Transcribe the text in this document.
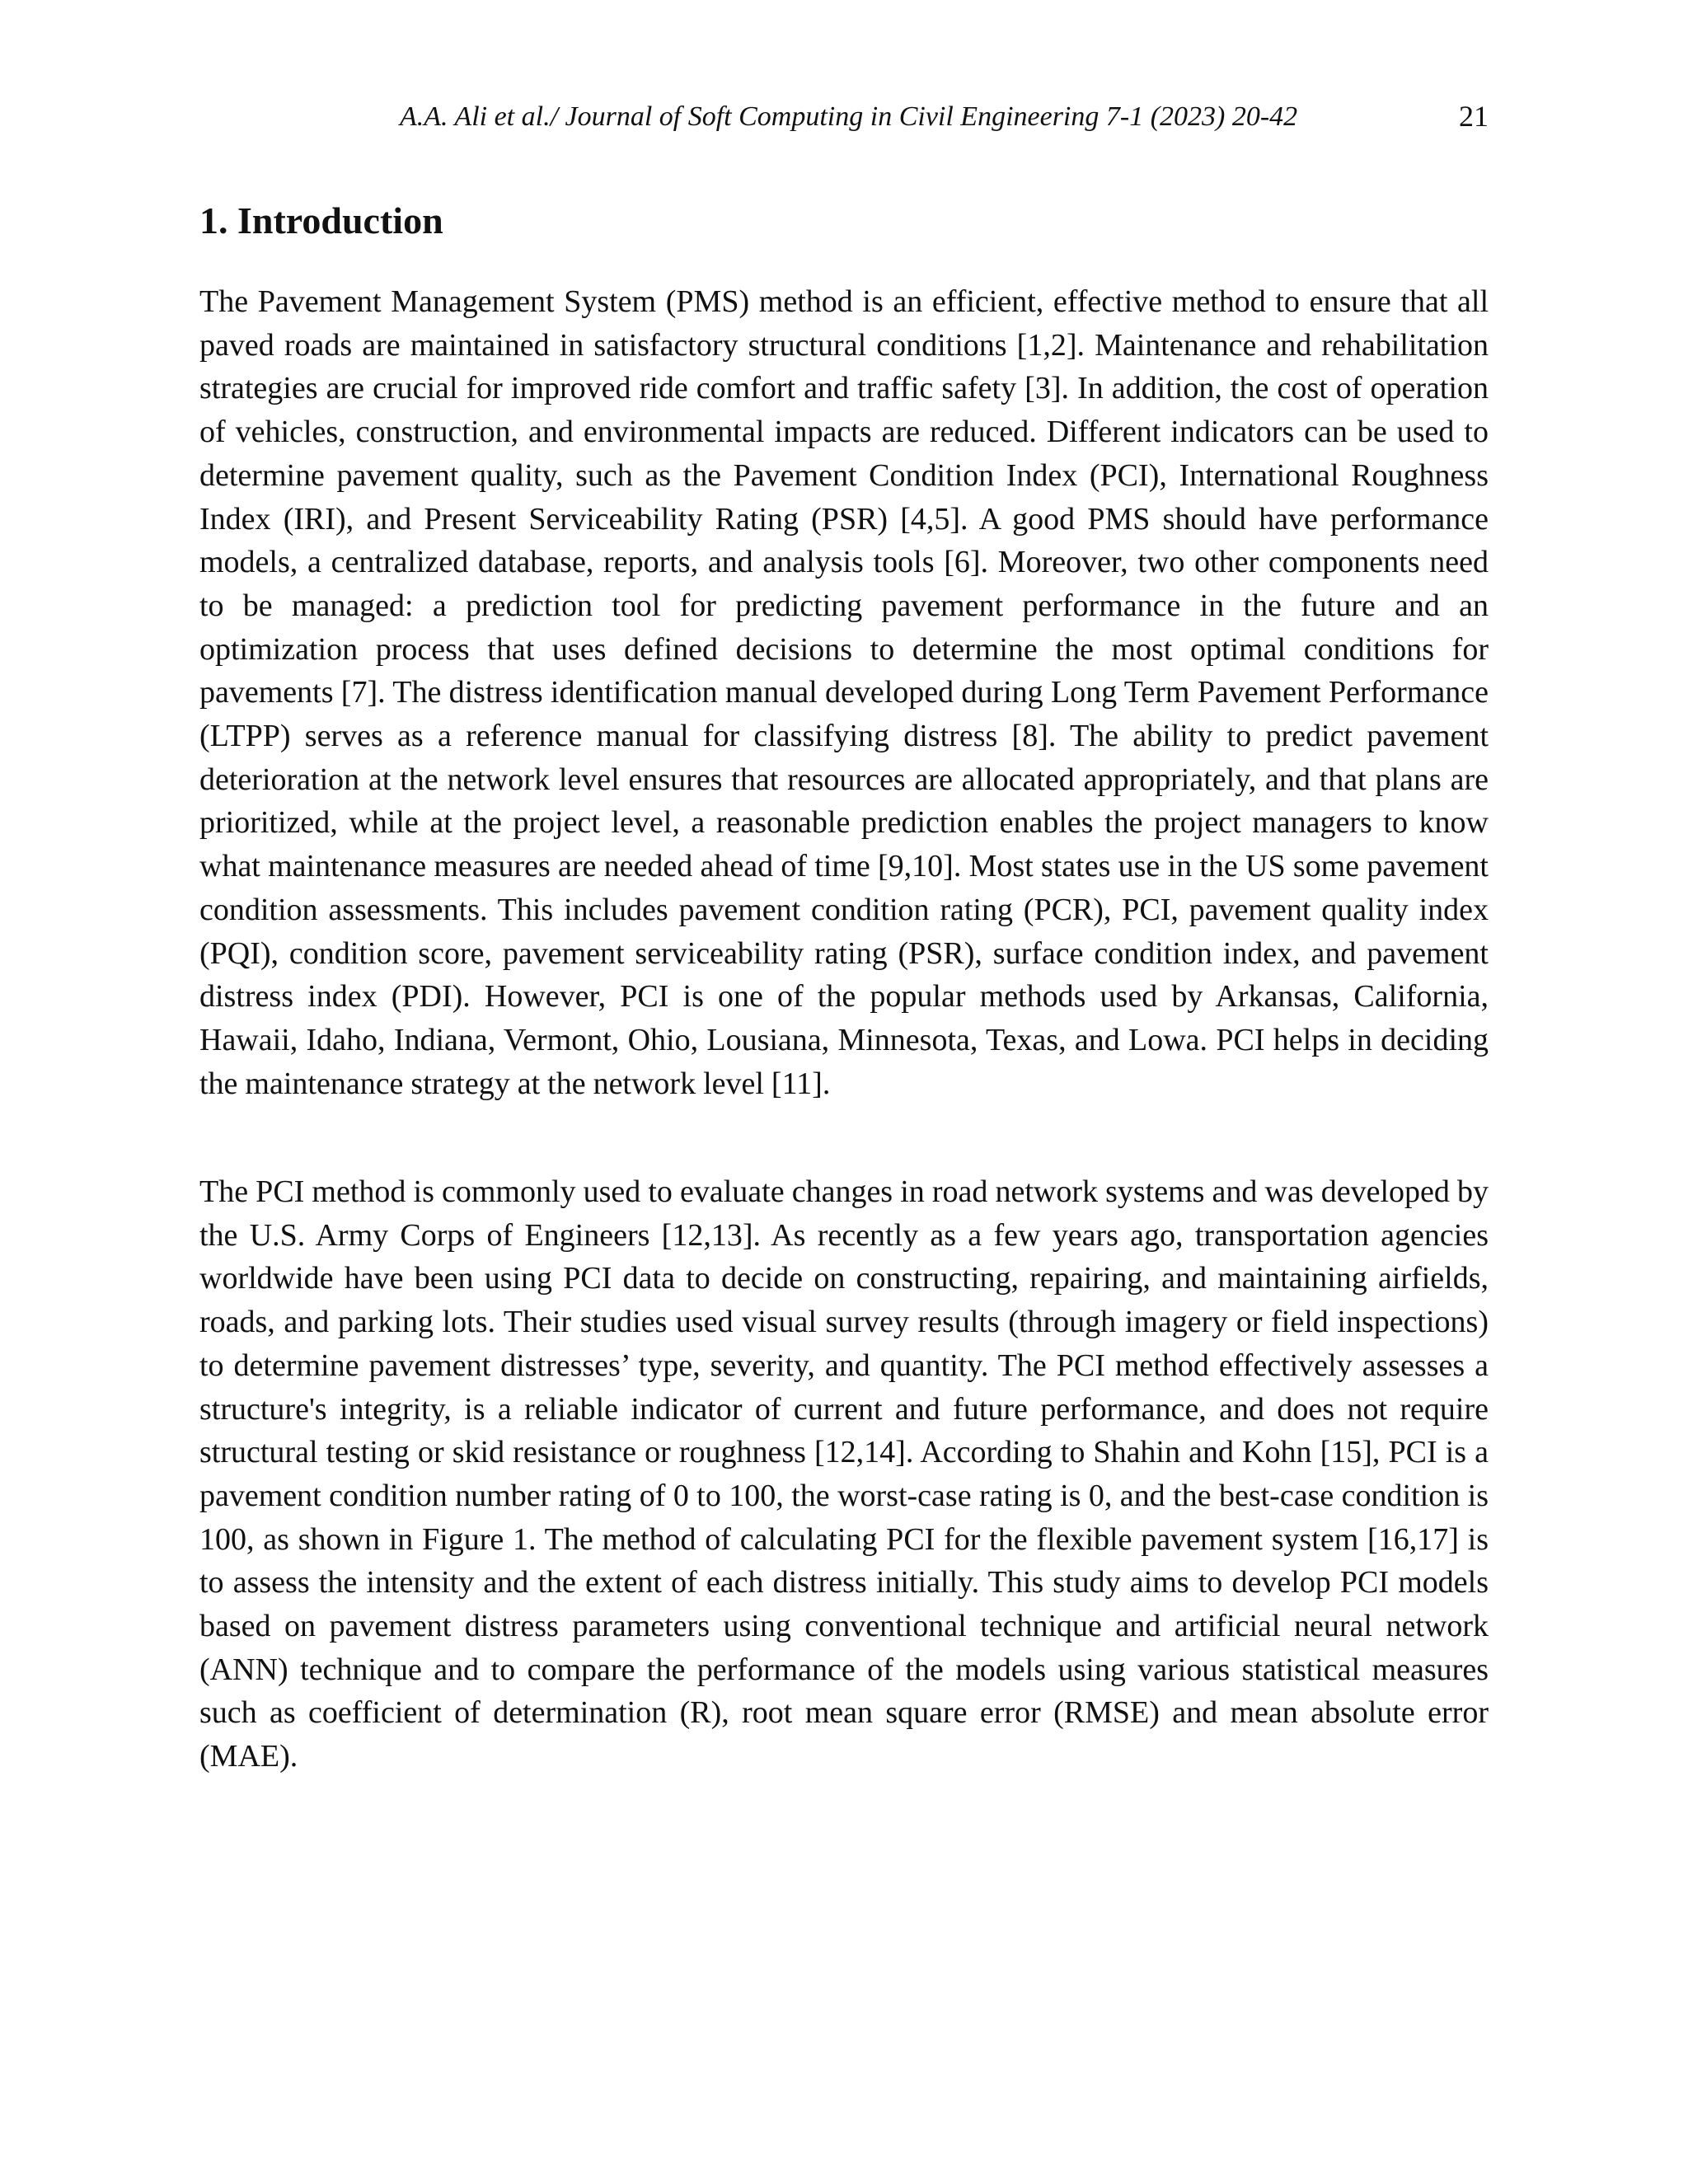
A.A. Ali et al./ Journal of Soft Computing in Civil Engineering 7-1 (2023) 20-42	21
1. Introduction

The Pavement Management System (PMS) method is an efficient, effective method to ensure that all paved roads are maintained in satisfactory structural conditions [1,2]. Maintenance and rehabilitation strategies are crucial for improved ride comfort and traffic safety [3]. In addition, the cost of operation of vehicles, construction, and environmental impacts are reduced. Different indicators can be used to determine pavement quality, such as the Pavement Condition Index (PCI), International Roughness Index (IRI), and Present Serviceability Rating (PSR) [4,5]. A good PMS should have performance models, a centralized database, reports, and analysis tools [6]. Moreover, two other components need to be managed: a prediction tool for predicting pavement performance in the future and an optimization process that uses defined decisions to determine the most optimal conditions for pavements [7]. The distress identification manual developed during Long Term Pavement Performance (LTPP) serves as a reference manual for classifying distress [8]. The ability to predict pavement deterioration at the network level ensures that resources are allocated appropriately, and that plans are prioritized, while at the project level, a reasonable prediction enables the project managers to know what maintenance measures are needed ahead of time [9,10]. Most states use in the US some pavement condition assessments. This includes pavement condition rating (PCR), PCI, pavement quality index (PQI), condition score, pavement serviceability rating (PSR), surface condition index, and pavement distress index (PDI). However, PCI is one of the popular methods used by Arkansas, California, Hawaii, Idaho, Indiana, Vermont, Ohio, Lousiana, Minnesota, Texas, and Lowa. PCI helps in deciding the maintenance strategy at the network level [11].

The PCI method is commonly used to evaluate changes in road network systems and was developed by the U.S. Army Corps of Engineers [12,13]. As recently as a few years ago, transportation agencies worldwide have been using PCI data to decide on constructing, repairing, and maintaining airfields, roads, and parking lots. Their studies used visual survey results (through imagery or field inspections) to determine pavement distresses’ type, severity, and quantity. The PCI method effectively assesses a structure's integrity, is a reliable indicator of current and future performance, and does not require structural testing or skid resistance or roughness [12,14]. According to Shahin and Kohn [15], PCI is a pavement condition number rating of 0 to 100, the worst-case rating is 0, and the best-case condition is 100, as shown in Figure 1. The method of calculating PCI for the flexible pavement system [16,17] is to assess the intensity and the extent of each distress initially. This study aims to develop PCI models based on pavement distress parameters using conventional technique and artificial neural network (ANN) technique and to compare the performance of the models using various statistical measures such as coefficient of determination (R), root mean square error (RMSE) and mean absolute error (MAE).
